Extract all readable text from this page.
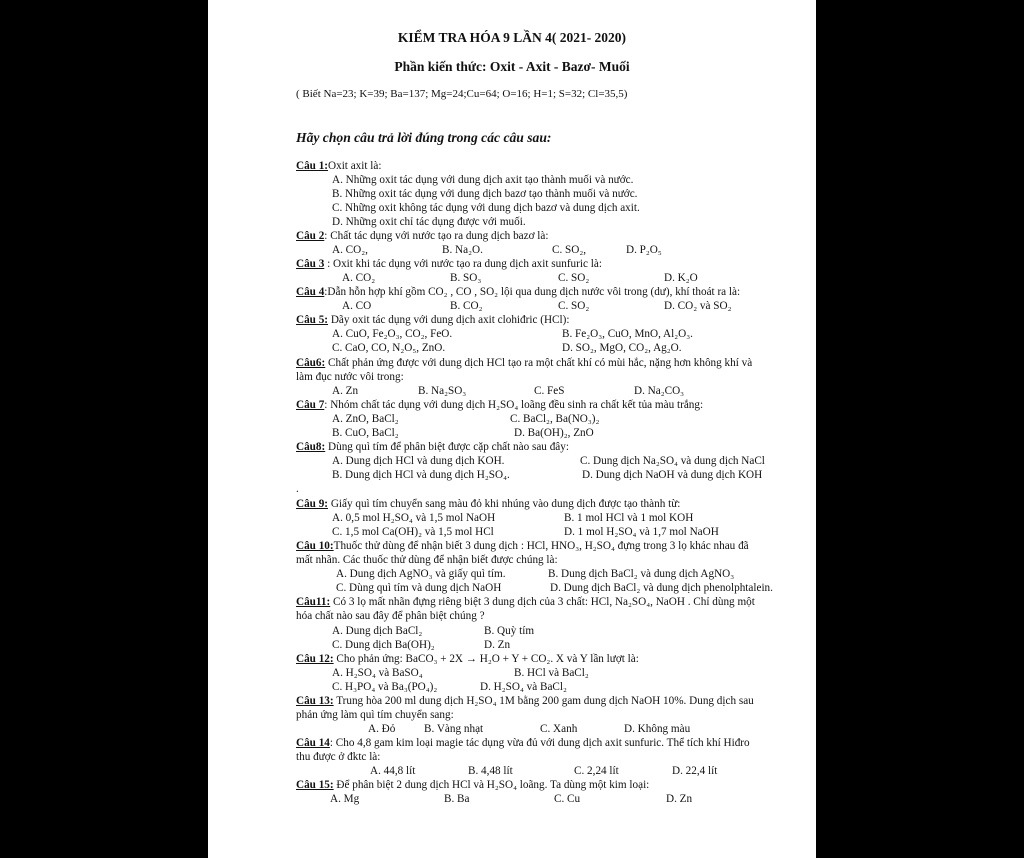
KIỂM TRA HÓA 9 LẦN 4( 2021- 2020)
Phần kiến thức: Oxit - Axit - Bazơ- Muối
( Biết Na=23; K=39; Ba=137; Mg=24;Cu=64; O=16; H=1; S=32; Cl=35,5)
Hãy chọn câu trả lời đúng trong các câu sau:
Câu 1:Oxit axit là:
A. Những oxit tác dụng với dung dịch axit tạo thành muối và nước.
B. Những oxit tác dụng với dung dịch bazơ tạo thành muối và nước.
C. Những oxit không tác dụng với dung dịch bazơ và dung dịch axit.
D. Những oxit chỉ tác dụng được với muối.
Câu 2: Chất tác dụng với nước tạo ra dung dịch bazơ là:
A. CO₂,	B. Na₂O.	C. SO₂,	D. P₂O₅
Câu 3 : Oxit khi tác dụng với nước tạo ra dung dịch axit sunfuric là:
A. CO₂	B. SO₃	C. SO₂	D. K₂O
Câu 4:Dẫn hỗn hợp khí gồm CO₂ , CO , SO₂ lội qua dung dịch nước vôi trong (dư), khí thoát ra là:
A. CO	B. CO₂	C. SO₂	D. CO₂ và SO₂
Câu 5: Dãy oxit tác dụng với dung dịch axit clohiđric (HCl):
A. CuO, Fe₂O₃, CO₂, FeO.	B. Fe₂O₃, CuO, MnO, Al₂O₃.
C. CaO, CO, N₂O₅, ZnO.	D. SO₂, MgO, CO₂, Ag₂O.
Câu6: Chất phản ứng được với dung dịch HCl tạo ra một chất khí có mùi hắc, nặng hơn không khí và
làm đục nước vôi trong:
A. Zn	B. Na₂SO₃	C. FeS	D. Na₂CO₃
Câu 7: Nhóm chất tác dụng với dung dịch H₂SO₄ loãng đều sinh ra chất kết tủa màu trắng:
A. ZnO, BaCl₂	C. BaCl₂, Ba(NO₃)₂
B. CuO, BaCl₂	D. Ba(OH)₂, ZnO
Câu8: Dùng quì tím để phân biệt được cặp chất nào sau đây:
A. Dung dịch HCl và dung dịch KOH.	C. Dung dịch Na₂SO₄ và dung dịch NaCl
B. Dung dịch HCl và dung dịch H₂SO₄.	D. Dung dịch NaOH và dung dịch KOH
.
Câu 9: Giấy quì tím chuyển sang màu đỏ khi nhúng vào dung dịch được tạo thành từ:
A. 0,5 mol H₂SO₄ và 1,5 mol NaOH	B. 1 mol HCl và 1 mol KOH
C. 1,5 mol Ca(OH)₂ và 1,5 mol HCl	D. 1 mol H₂SO₄ và 1,7 mol NaOH
Câu 10:Thuốc thử dùng để nhận biết 3 dung dịch : HCl, HNO₃, H₂SO₄ đựng trong 3 lọ khác nhau đã
mất nhãn. Các thuốc thử dùng để nhận biết được chúng là:
A. Dung dịch AgNO₃ và giấy quì tím.	B. Dung dịch BaCl₂ và dung dịch AgNO₃
C. Dùng quì tím và dung dịch NaOH	D. Dung dịch BaCl₂ và dung dịch phenolphtalein.
Câu11: Có 3 lọ mất nhãn đựng riêng biệt 3 dung dịch của 3 chất: HCl, Na₂SO₄, NaOH . Chỉ dùng một
hóa chất nào sau đây để phân biệt chúng ?
A. Dung dịch BaCl₂	B. Quỳ tím
C. Dung dịch Ba(OH)₂	D. Zn
Câu 12: Cho phản ứng: BaCO₃ + 2X → H₂O + Y + CO₂. X và Y lần lượt là:
A. H₂SO₄ và BaSO₄	B. HCl và BaCl₂
C. H₃PO₄ và Ba₃(PO₄)₂	D. H₂SO₄ và BaCl₂
Câu 13: Trung hòa 200 ml dung dịch H₂SO₄ 1M bằng 200 gam dung dịch NaOH 10%. Dung dịch sau
phản ứng làm quì tím chuyển sang:
A. Đỏ	B. Vàng nhạt	C. Xanh	D. Không màu
Câu 14: Cho 4,8 gam kim loại magie tác dụng vừa đủ với dung dịch axit sunfuric. Thể tích khí Hiđro
thu được ở đktc là:
A. 44,8 lít	B. 4,48 lít	C. 2,24 lít	D. 22,4 lít
Câu 15: Để phân biệt 2 dung dịch HCl và H₂SO₄ loãng. Ta dùng một kim loại:
A. Mg	B. Ba	C. Cu	D. Zn
